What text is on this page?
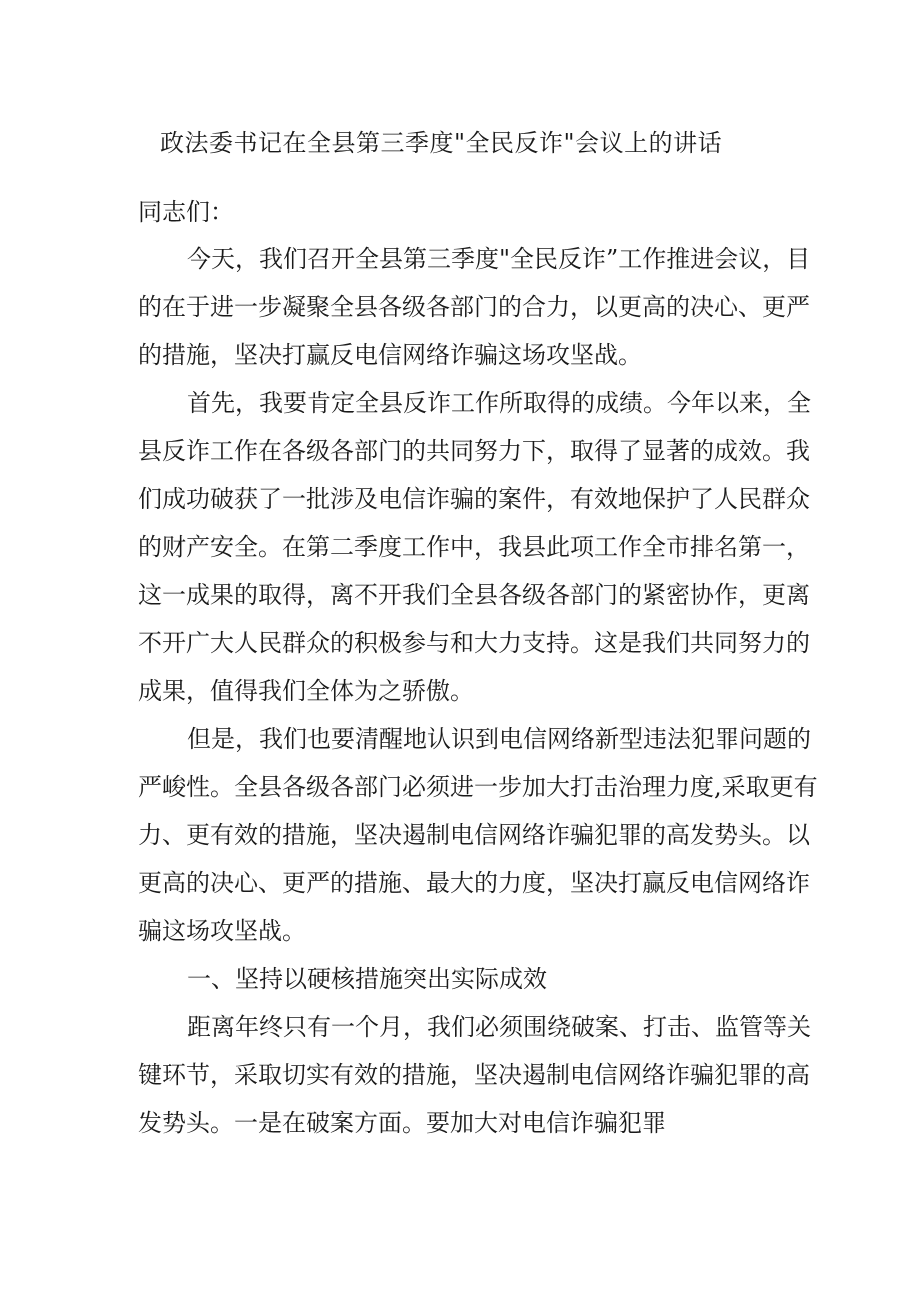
政法委书记在全县第三季度"全民反诈"会议上的讲话
同志们：
今天，我们召开全县第三季度"全民反诈”工作推进会议，目
的在于进一步凝聚全县各级各部门的合力，以更高的决心、更严
的措施，坚决打赢反电信网络诈骗这场攻坚战。
首先，我要肯定全县反诈工作所取得的成绩。今年以来，全
县反诈工作在各级各部门的共同努力下，取得了显著的成效。我
们成功破获了一批涉及电信诈骗的案件，有效地保护了人民群众
的财产安全。在第二季度工作中，我县此项工作全市排名第一，
这一成果的取得，离不开我们全县各级各部门的紧密协作，更离
不开广大人民群众的积极参与和大力支持。这是我们共同努力的
成果，值得我们全体为之骄傲。
但是，我们也要清醒地认识到电信网络新型违法犯罪问题的
严峻性。全县各级各部门必须进一步加大打击治理力度,采取更有
力、更有效的措施，坚决遏制电信网络诈骗犯罪的高发势头。以
更高的决心、更严的措施、最大的力度，坚决打赢反电信网络诈
骗这场攻坚战。
一、坚持以硬核措施突出实际成效
距离年终只有一个月，我们必须围绕破案、打击、监管等关
键环节，采取切实有效的措施，坚决遏制电信网络诈骗犯罪的高
发势头。一是在破案方面。要加大对电信诈骗犯罪
